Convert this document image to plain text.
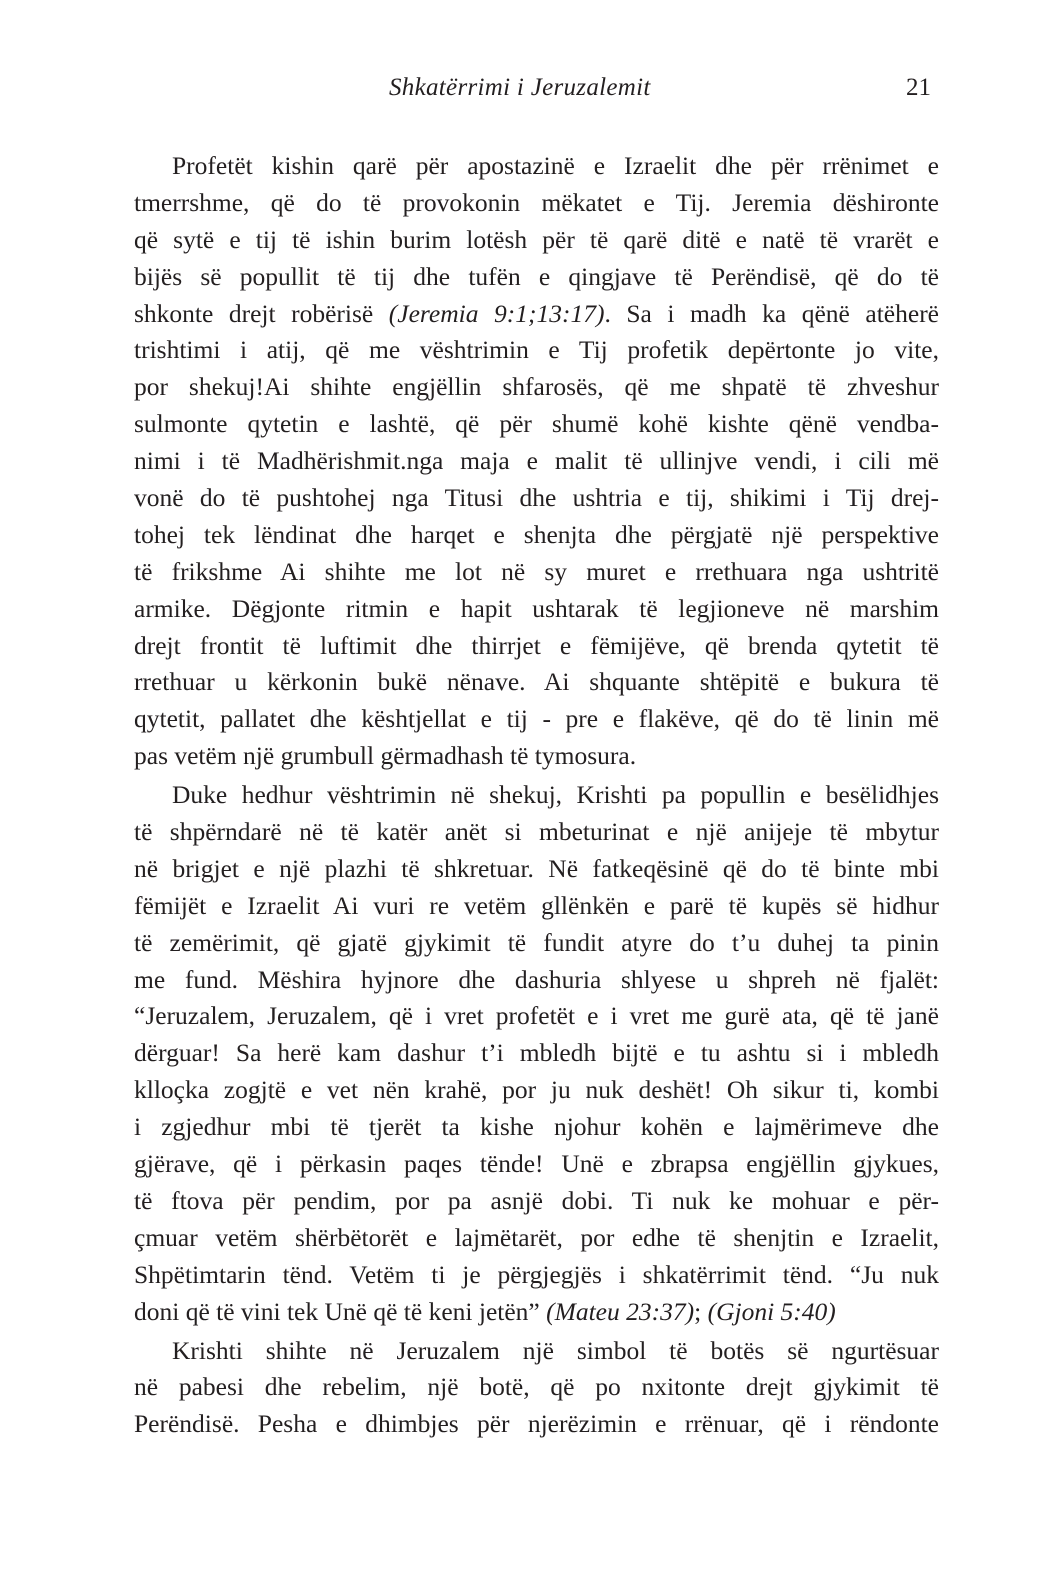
Shkatërrimi i Jeruzalemit	21
Profetët kishin qarë për apostazinë e Izraelit dhe për rrënimet e
tmerrshme, që do të provokonin mëkatet e Tij. Jeremia dëshironte
që sytë e tij të ishin burim lotësh për të qarë ditë e natë të vrarët e
bijës së popullit të tij dhe tufën e qingjave të Perëndisë, që do të
shkonte drejt robërisë (Jeremia 9:1;13:17). Sa i madh ka qënë atëherë
trishtimi i atij, që me vështrimin e Tij profetik depërtonte jo vite,
por shekuj!Ai shihte engjëllin shfarosës, që me shpatë të zhveshur
sulmonte qytetin e lashtë, që për shumë kohë kishte qënë vendba-
nimi i të Madhërishmit.nga maja e malit të ullinjve vendi, i cili më
vonë do të pushtohej nga Titusi dhe ushtria e tij, shikimi i Tij drej-
tohej tek lëndinat dhe harqet e shenjta dhe përgjatë një perspektive
të frikshme Ai shihte me lot në sy muret e rrethuara nga ushtritë
armike. Dëgjonte ritmin e hapit ushtarak të legjioneve në marshim
drejt frontit të luftimit dhe thirrjet e fëmijëve, që brenda qytetit të
rrethuar u kërkonin bukë nënave. Ai shquante shtëpitë e bukura të
qytetit, pallatet dhe kështjellat e tij - pre e flakëve, që do të linin më
pas vetëm një grumbull gërmadhash të tymosura.
Duke hedhur vështrimin në shekuj, Krishti pa popullin e besëlidhjes
të shpërndarë në të katër anët si mbeturinat e një anijeje të mbytur
në brigjet e një plazhi të shkretuar. Në fatkeqësinë që do të binte mbi
fëmijët e Izraelit Ai vuri re vetëm gllënkën e parë të kupës së hidhur
të zemërimit, që gjatë gjykimit të fundit atyre do t’u duhej ta pinin
me fund. Mëshira hyjnore dhe dashuria shlyese u shpreh në fjalët:
“Jeruzalem, Jeruzalem, që i vret profetët e i vret me gurë ata, që të janë
dërguar! Sa herë kam dashur t’i mbledh bijtë e tu ashtu si i mbledh
klloçka zogjtë e vet nën krahë, por ju nuk deshët! Oh sikur ti, kombi
i zgjedhur mbi të tjerët ta kishe njohur kohën e lajmërimeve dhe
gjërave, që i përkasin paqes tënde! Unë e zbrapsa engjëllin gjykues,
të ftova për pendim, por pa asnjë dobi. Ti nuk ke mohuar e për-
çmuar vetëm shërbëtorët e lajmëtarët, por edhe të shenjtin e Izraelit,
Shpëtimtarin tënd. Vetëm ti je përgjegjës i shkatërrimit tënd. “Ju nuk
doni që të vini tek Unë që të keni jetën” (Mateu 23:37); (Gjoni 5:40)
Krishti shihte në Jeruzalem një simbol të botës së ngurtësuar
në pabesi dhe rebelim, një botë, që po nxitonte drejt gjykimit të
Perëndisë. Pesha e dhimbjes për njerëzimin e rrënuar, që i rëndonte
